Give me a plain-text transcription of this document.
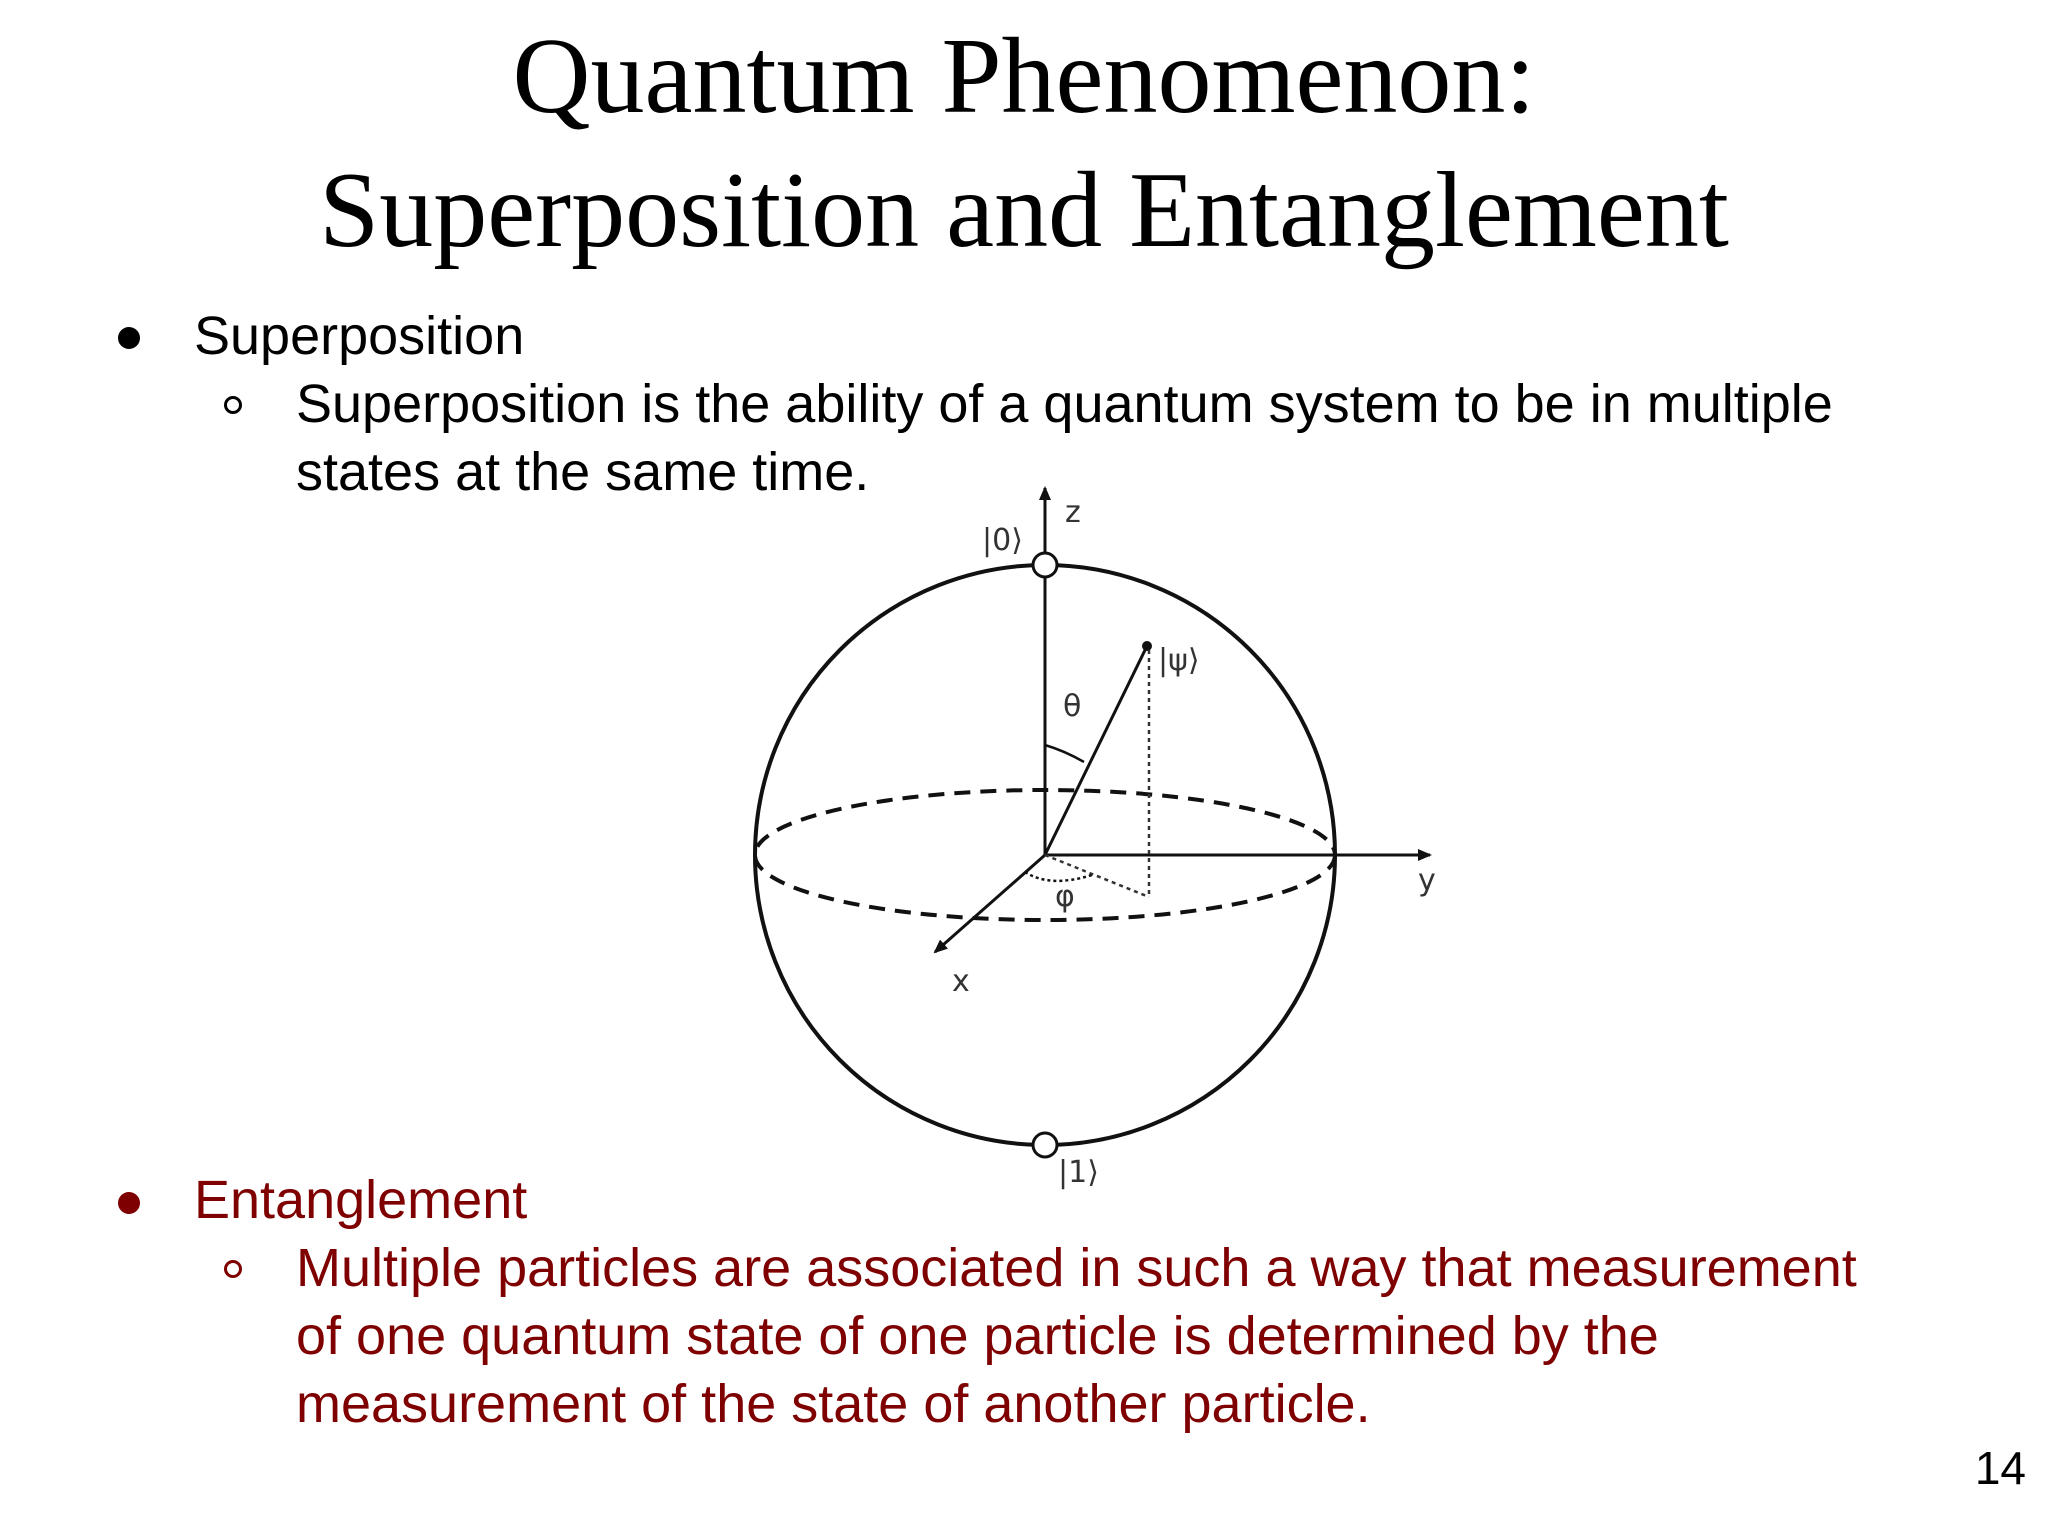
Quantum Phenomenon:
Superposition and Entanglement
Superposition
Superposition is the ability of a quantum system to be in multiple
states at the same time.
z
y
x
|0⟩
|1⟩
|ψ⟩
θ
φ
Entanglement
Multiple particles are associated in such a way that measurement
of one quantum state of one particle is determined by the
measurement of the state of another particle.
14
